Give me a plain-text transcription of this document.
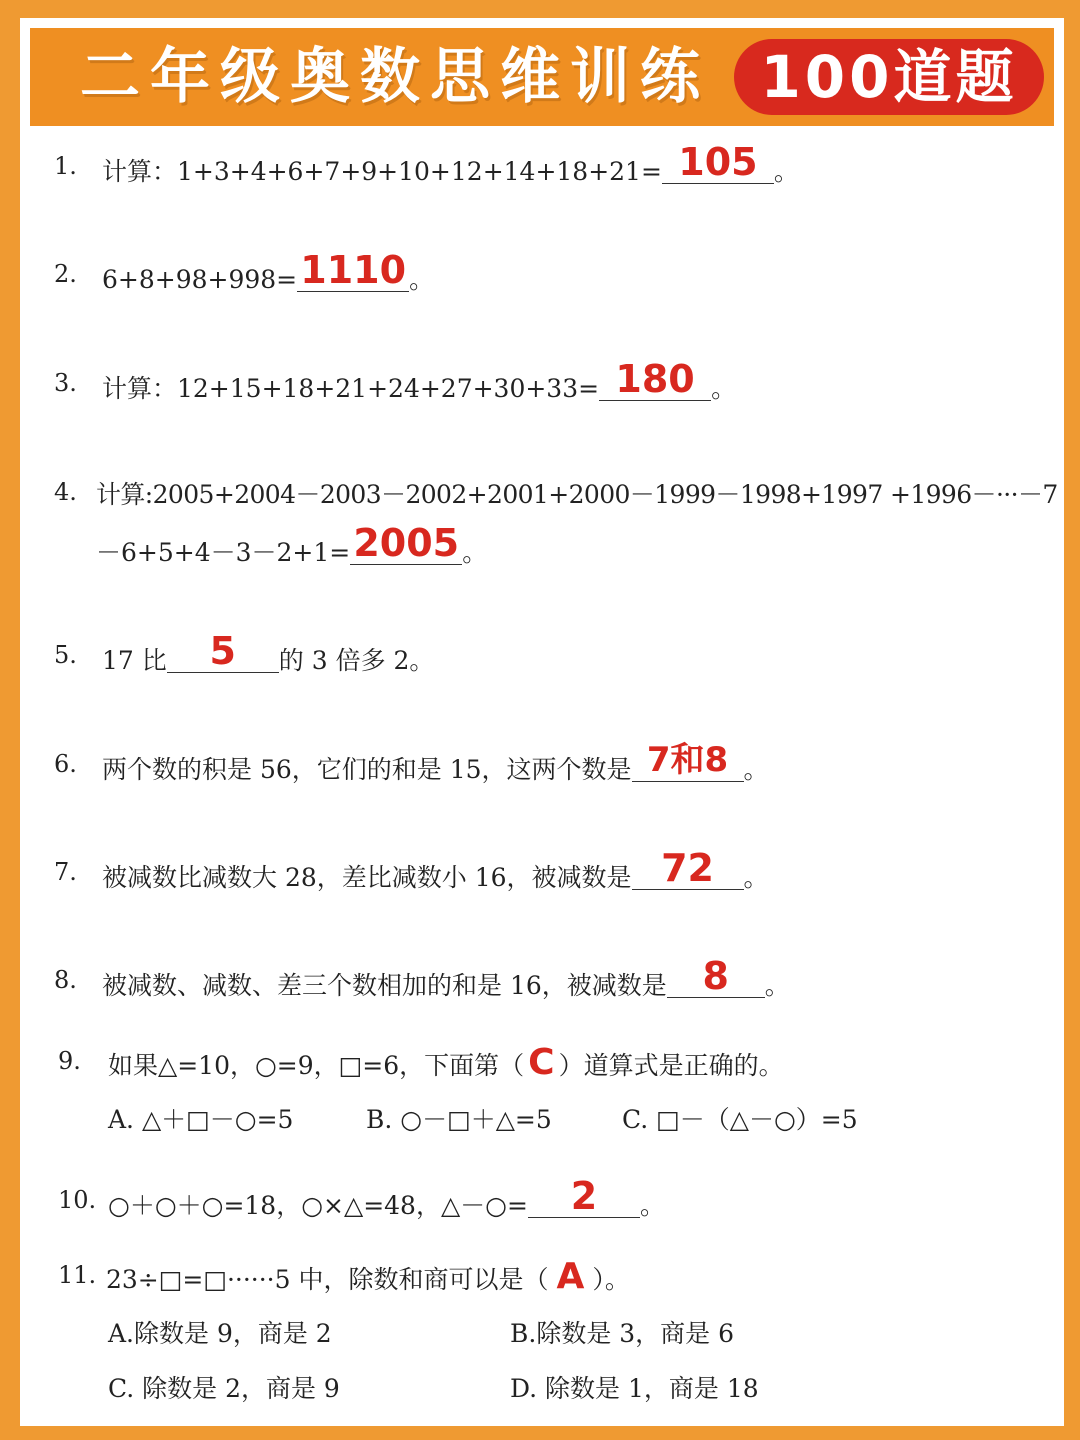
二年级奥数思维训练 100道题
1. 计算：1+3+4+6+7+9+10+12+14+18+21= 105 。
2. 6+8+98+998= 1110 。
3. 计算：12+15+18+21+24+27+30+33= 180 。
4. 计算:2005+2004－2003－2002+2001+2000－1999－1998+1997 +1996－···－7
－6+5+4－3－2+1= 2005 。
5. 17 比	5	的 3 倍多 2。
6. 两个数的积是 56，它们的和是 15，这两个数是 7和8 。
7. 被减数比减数大 28，差比减数小 16，被减数是 72	。
8. 被减数、减数、差三个数相加的和是 16，被减数是 8	。
9. 如果△=10，○=9，□=6，下面第（ C ）道算式是正确的。
A. △＋□－○=5	B. ○－□＋△=5	C. □－（△－○）=5
10. ○＋○＋○=18，○×△=48，△－○=	2	。
11. 23÷□=□······5 中，除数和商可以是（ A ）。
A.除数是 9，商是 2	B.除数是 3，商是 6
C. 除数是 2，商是 9	D. 除数是 1，商是 18
